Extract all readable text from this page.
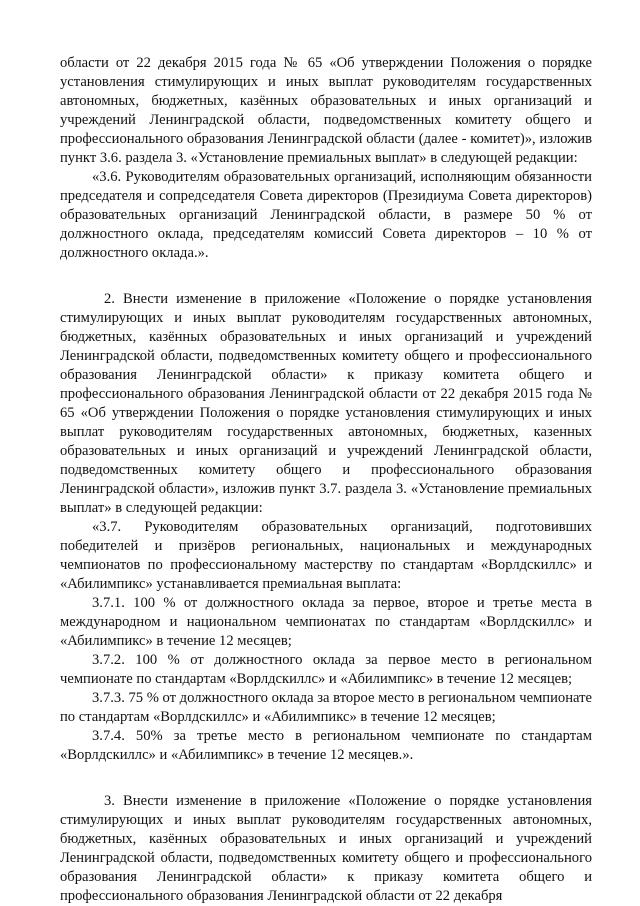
области от 22 декабря 2015 года № 65 «Об утверждении Положения о порядке установления стимулирующих и иных выплат руководителям государственных автономных, бюджетных, казённых образовательных и иных организаций и учреждений Ленинградской области, подведомственных комитету общего и профессионального образования Ленинградской области (далее - комитет)», изложив пункт 3.6. раздела 3. «Установление премиальных выплат» в следующей редакции:

«3.6. Руководителям образовательных организаций, исполняющим обязанности председателя и сопредседателя Совета директоров (Президиума Совета директоров) образовательных организаций Ленинградской области, в размере 50 % от должностного оклада, председателям комиссий Совета директоров – 10 % от должностного оклада.».

2. Внести изменение в приложение «Положение о порядке установления стимулирующих и иных выплат руководителям государственных автономных, бюджетных, казённых образовательных и иных организаций и учреждений Ленинградской области, подведомственных комитету общего и профессионального образования Ленинградской области» к приказу комитета общего и профессионального образования Ленинградской области от 22 декабря 2015 года № 65 «Об утверждении Положения о порядке установления стимулирующих и иных выплат руководителям государственных автономных, бюджетных, казенных образовательных и иных организаций и учреждений Ленинградской области, подведомственных комитету общего и профессионального образования Ленинградской области», изложив пункт 3.7. раздела 3. «Установление премиальных выплат» в следующей редакции:

«3.7. Руководителям образовательных организаций, подготовивших победителей и призёров региональных, национальных и международных чемпионатов по профессиональному мастерству по стандартам «Ворлдскиллс» и «Абилимпикс» устанавливается премиальная выплата:

3.7.1. 100 % от должностного оклада за первое, второе и третье места в международном и национальном чемпионатах по стандартам «Ворлдскиллс» и «Абилимпикс» в течение 12 месяцев;

3.7.2. 100 % от должностного оклада за первое место в региональном чемпионате по стандартам «Ворлдскиллс» и «Абилимпикс» в течение 12 месяцев;

3.7.3. 75 % от должностного оклада за второе место в региональном чемпионате по стандартам «Ворлдскиллс» и «Абилимпикс» в течение 12 месяцев;

3.7.4. 50% за третье место в региональном чемпионате по стандартам «Ворлдскиллс» и «Абилимпикс» в течение 12 месяцев.».

3. Внести изменение в приложение «Положение о порядке установления стимулирующих и иных выплат руководителям государственных автономных, бюджетных, казённых образовательных и иных организаций и учреждений Ленинградской области, подведомственных комитету общего и профессионального образования Ленинградской области» к приказу комитета общего и профессионального образования Ленинградской области от 22 декабря
